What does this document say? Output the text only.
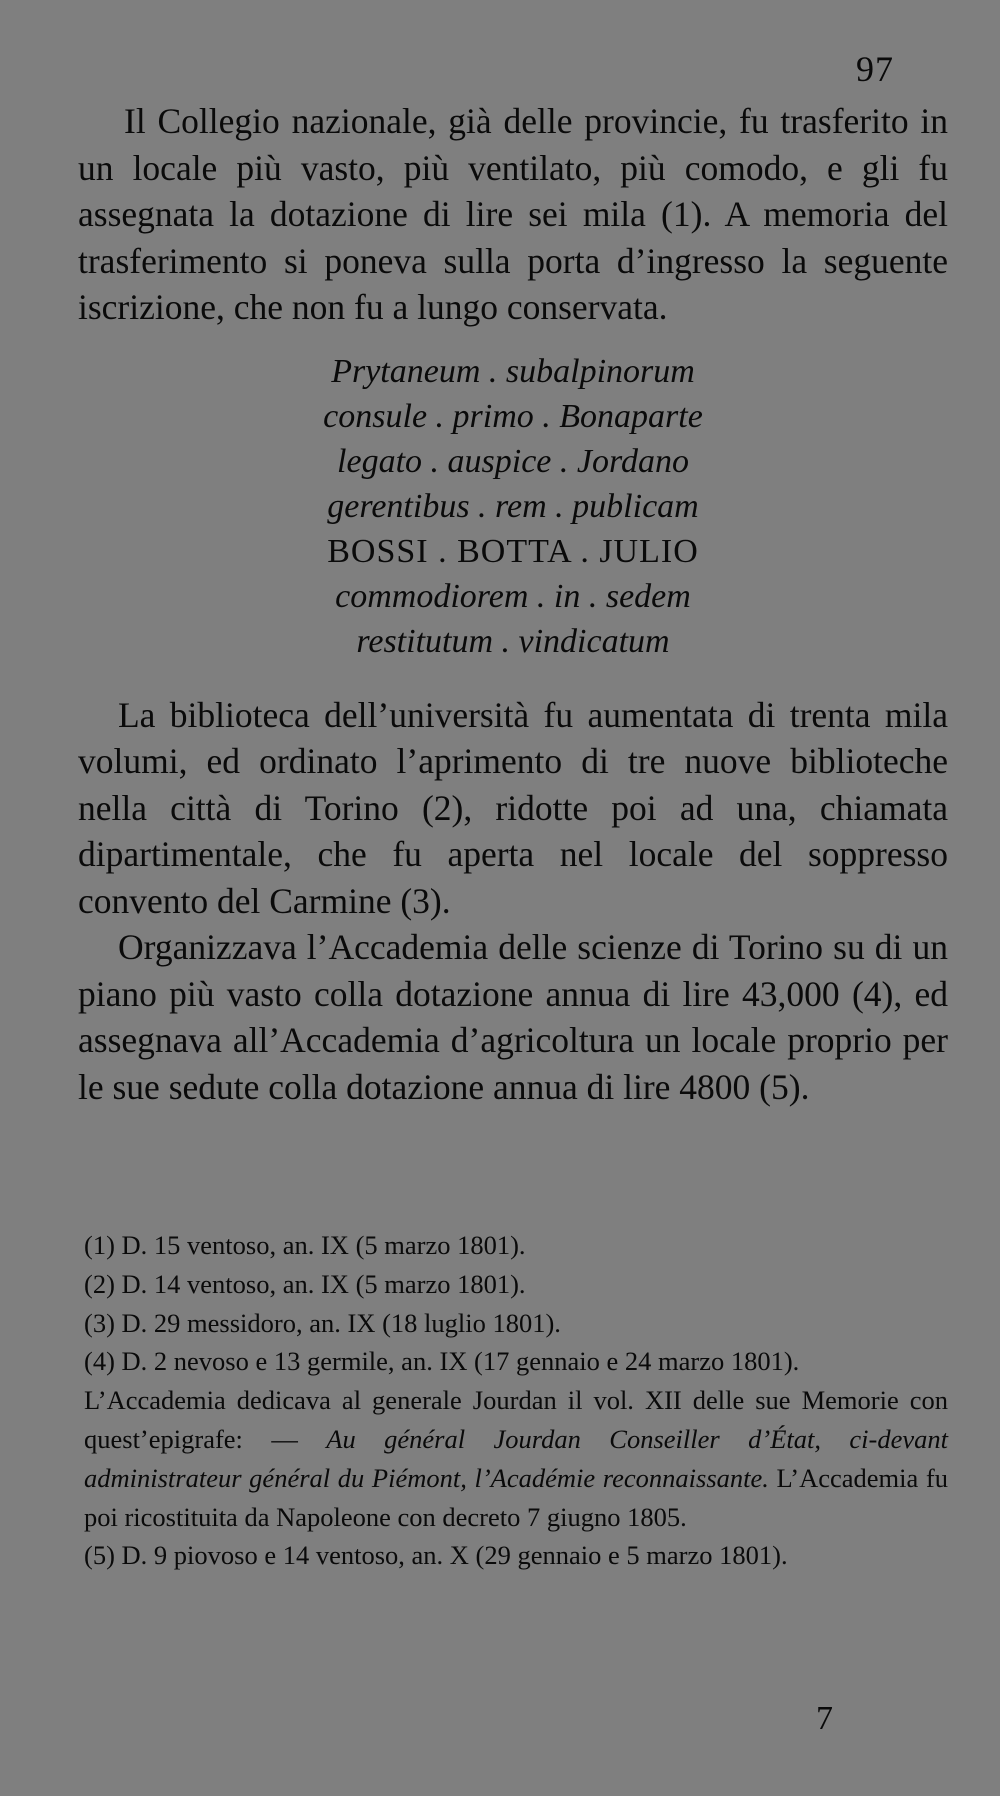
97

Il Collegio nazionale, già delle provincie, fu trasferito in un locale più vasto, più ventilato, più comodo, e gli fu assegnata la dotazione di lire sei mila (1). A memoria del trasferimento si poneva sulla porta d’ingresso la seguente iscrizione, che non fu a lungo conservata.

Prytaneum . subalpinorum
consule . primo . Bonaparte
legato . auspice . Jordano
gerentibus . rem . publicam
BOSSI . BOTTA . JULIO
commodiorem . in . sedem
restitutum . vindicatum

La biblioteca dell’università fu aumentata di trenta mila volumi, ed ordinato l’aprimento di tre nuove biblioteche nella città di Torino (2), ridotte poi ad una, chiamata dipartimentale, che fu aperta nel locale del soppresso convento del Carmine (3).

Organizzava l’Accademia delle scienze di Torino su di un piano più vasto colla dotazione annua di lire 43,000 (4), ed assegnava all’Accademia d’agricoltura un locale proprio per le sue sedute colla dotazione annua di lire 4800 (5).

(1) D. 15 ventoso, an. IX (5 marzo 1801).

(2) D. 14 ventoso, an. IX (5 marzo 1801).

(3) D. 29 messidoro, an. IX (18 luglio 1801).

(4) D. 2 nevoso e 13 germile, an. IX (17 gennaio e 24 marzo 1801).

L’Accademia dedicava al generale Jourdan il vol. XII delle sue Memorie con quest’epigrafe: — Au général Jourdan Conseiller d’État, ci-devant administrateur général du Piémont, l’Académie reconnaissante. L’Accademia fu poi ricostituita da Napoleone con decreto 7 giugno 1805.

(5) D. 9 piovoso e 14 ventoso, an. X (29 gennaio e 5 marzo 1801).

7
